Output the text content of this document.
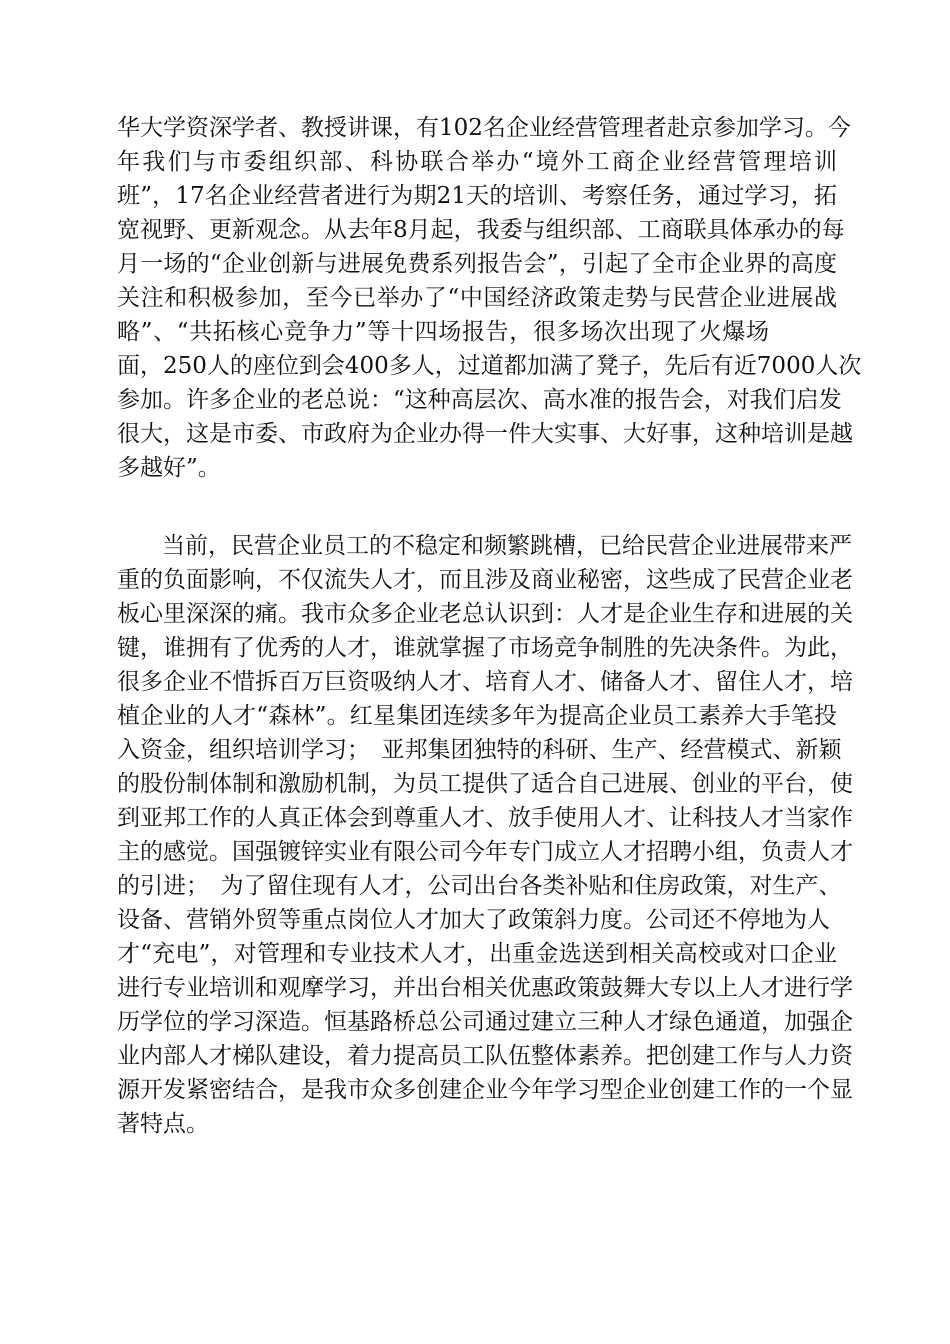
华大学资深学者、教授讲课，有102名企业经营管理者赴京参加学习。今
年我们与市委组织部、科协联合举办“境外工商企业经营管理培训
班”，17名企业经营者进行为期21天的培训、考察任务，通过学习，拓
宽视野、更新观念。从去年8月起，我委与组织部、工商联具体承办的每
月一场的“企业创新与进展免费系列报告会”，引起了全市企业界的高度
关注和积极参加，至今已举办了“中国经济政策走势与民营企业进展战
略”、“共拓核心竞争力”等十四场报告，很多场次出现了火爆场
面，250人的座位到会400多人，过道都加满了凳子，先后有近7000人次
参加。许多企业的老总说：“这种高层次、高水准的报告会，对我们启发
很大，这是市委、市政府为企业办得一件大实事、大好事，这种培训是越
多越好”。
当前，民营企业员工的不稳定和频繁跳槽，已给民营企业进展带来严
重的负面影响，不仅流失人才，而且涉及商业秘密，这些成了民营企业老
板心里深深的痛。我市众多企业老总认识到：人才是企业生存和进展的关
键，谁拥有了优秀的人才，谁就掌握了市场竞争制胜的先决条件。为此，
很多企业不惜拆百万巨资吸纳人才、培育人才、储备人才、留住人才，培
植企业的人才“森林”。红星集团连续多年为提高企业员工素养大手笔投
入资金，组织培训学习；　亚邦集团独特的科研、生产、经营模式、新颖
的股份制体制和激励机制，为员工提供了适合自己进展、创业的平台，使
到亚邦工作的人真正体会到尊重人才、放手使用人才、让科技人才当家作
主的感觉。国强镀锌实业有限公司今年专门成立人才招聘小组，负责人才
的引进；　为了留住现有人才，公司出台各类补贴和住房政策，对生产、
设备、营销外贸等重点岗位人才加大了政策斜力度。公司还不停地为人
才“充电”，对管理和专业技术人才，出重金选送到相关高校或对口企业
进行专业培训和观摩学习，并出台相关优惠政策鼓舞大专以上人才进行学
历学位的学习深造。恒基路桥总公司通过建立三种人才绿色通道，加强企
业内部人才梯队建设，着力提高员工队伍整体素养。把创建工作与人力资
源开发紧密结合，是我市众多创建企业今年学习型企业创建工作的一个显
著特点。
